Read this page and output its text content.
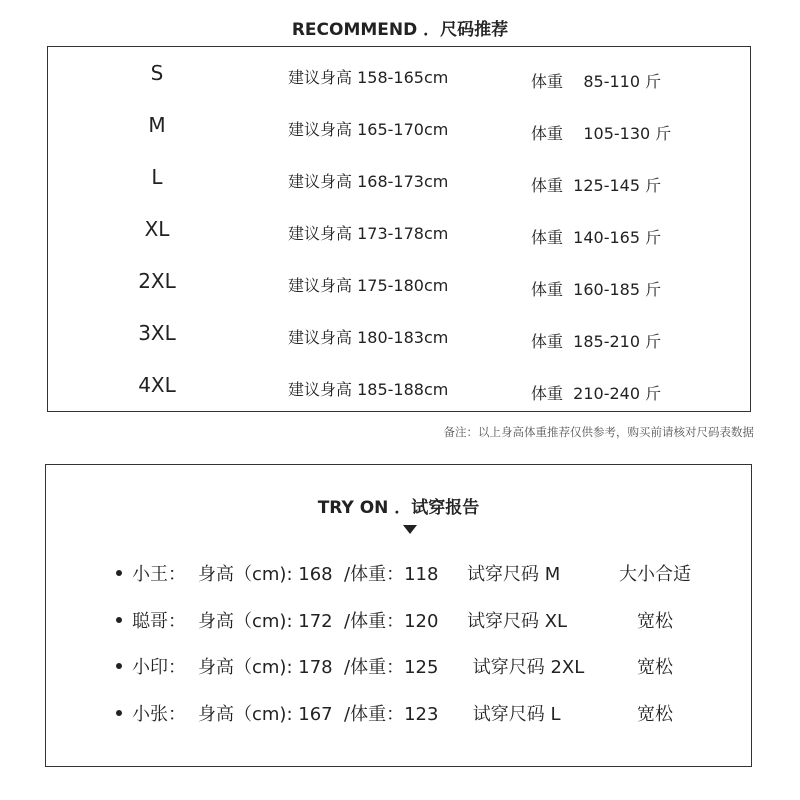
RECOMMEND ．尺码推荐
S	建议身高 158-165cm	体重    85-110 斤
M	建议身高 165-170cm	体重    105-130 斤
L	建议身高 168-173cm	体重  125-145 斤
XL	建议身高 173-178cm	体重  140-165 斤
2XL	建议身高 175-180cm	体重  160-185 斤
3XL	建议身高 180-183cm	体重  185-210 斤
4XL	建议身高 185-188cm	体重  210-240 斤
备注：以上身高体重推荐仅供参考，购买前请核对尺码表数据
TRY ON ．试穿报告
小王： 身高（cm): 168  /体重：118 试穿尺码 M	大小合适
聪哥： 身高（cm): 172  /体重：120 试穿尺码 XL	宽松
小印： 身高（cm): 178  /体重：125 试穿尺码 2XL	宽松
小张： 身高（cm): 167  /体重：123 试穿尺码 L	宽松
